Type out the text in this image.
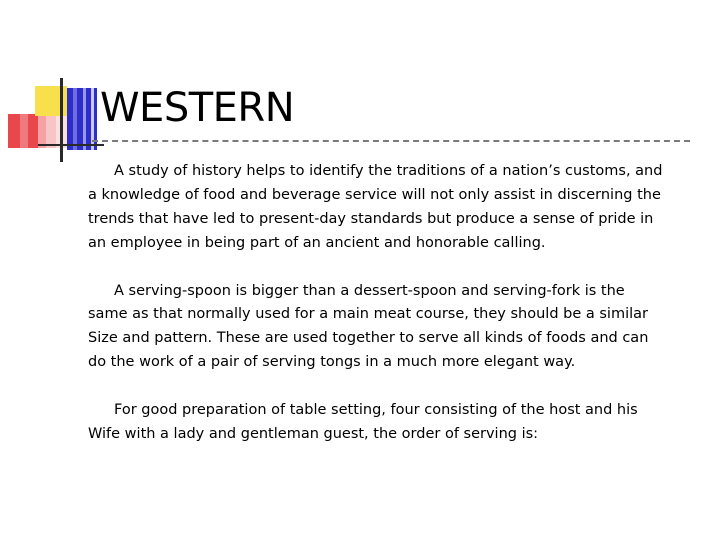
WESTERN

A study of history helps to identify the traditions of a nation’s customs, and
a knowledge of food and beverage service will not only assist in discerning the
trends that have led to present-day standards but produce a sense of pride in
an employee in being part of an ancient and honorable calling.

A serving-spoon is bigger than a dessert-spoon and serving-fork is the
same as that normally used for a main meat course, they should be a similar
Size and pattern. These are used together to serve all kinds of foods and can
do the work of a pair of serving tongs in a much more elegant way.

For good preparation of table setting, four consisting of the host and his
Wife with a lady and gentleman guest, the order of serving is:
